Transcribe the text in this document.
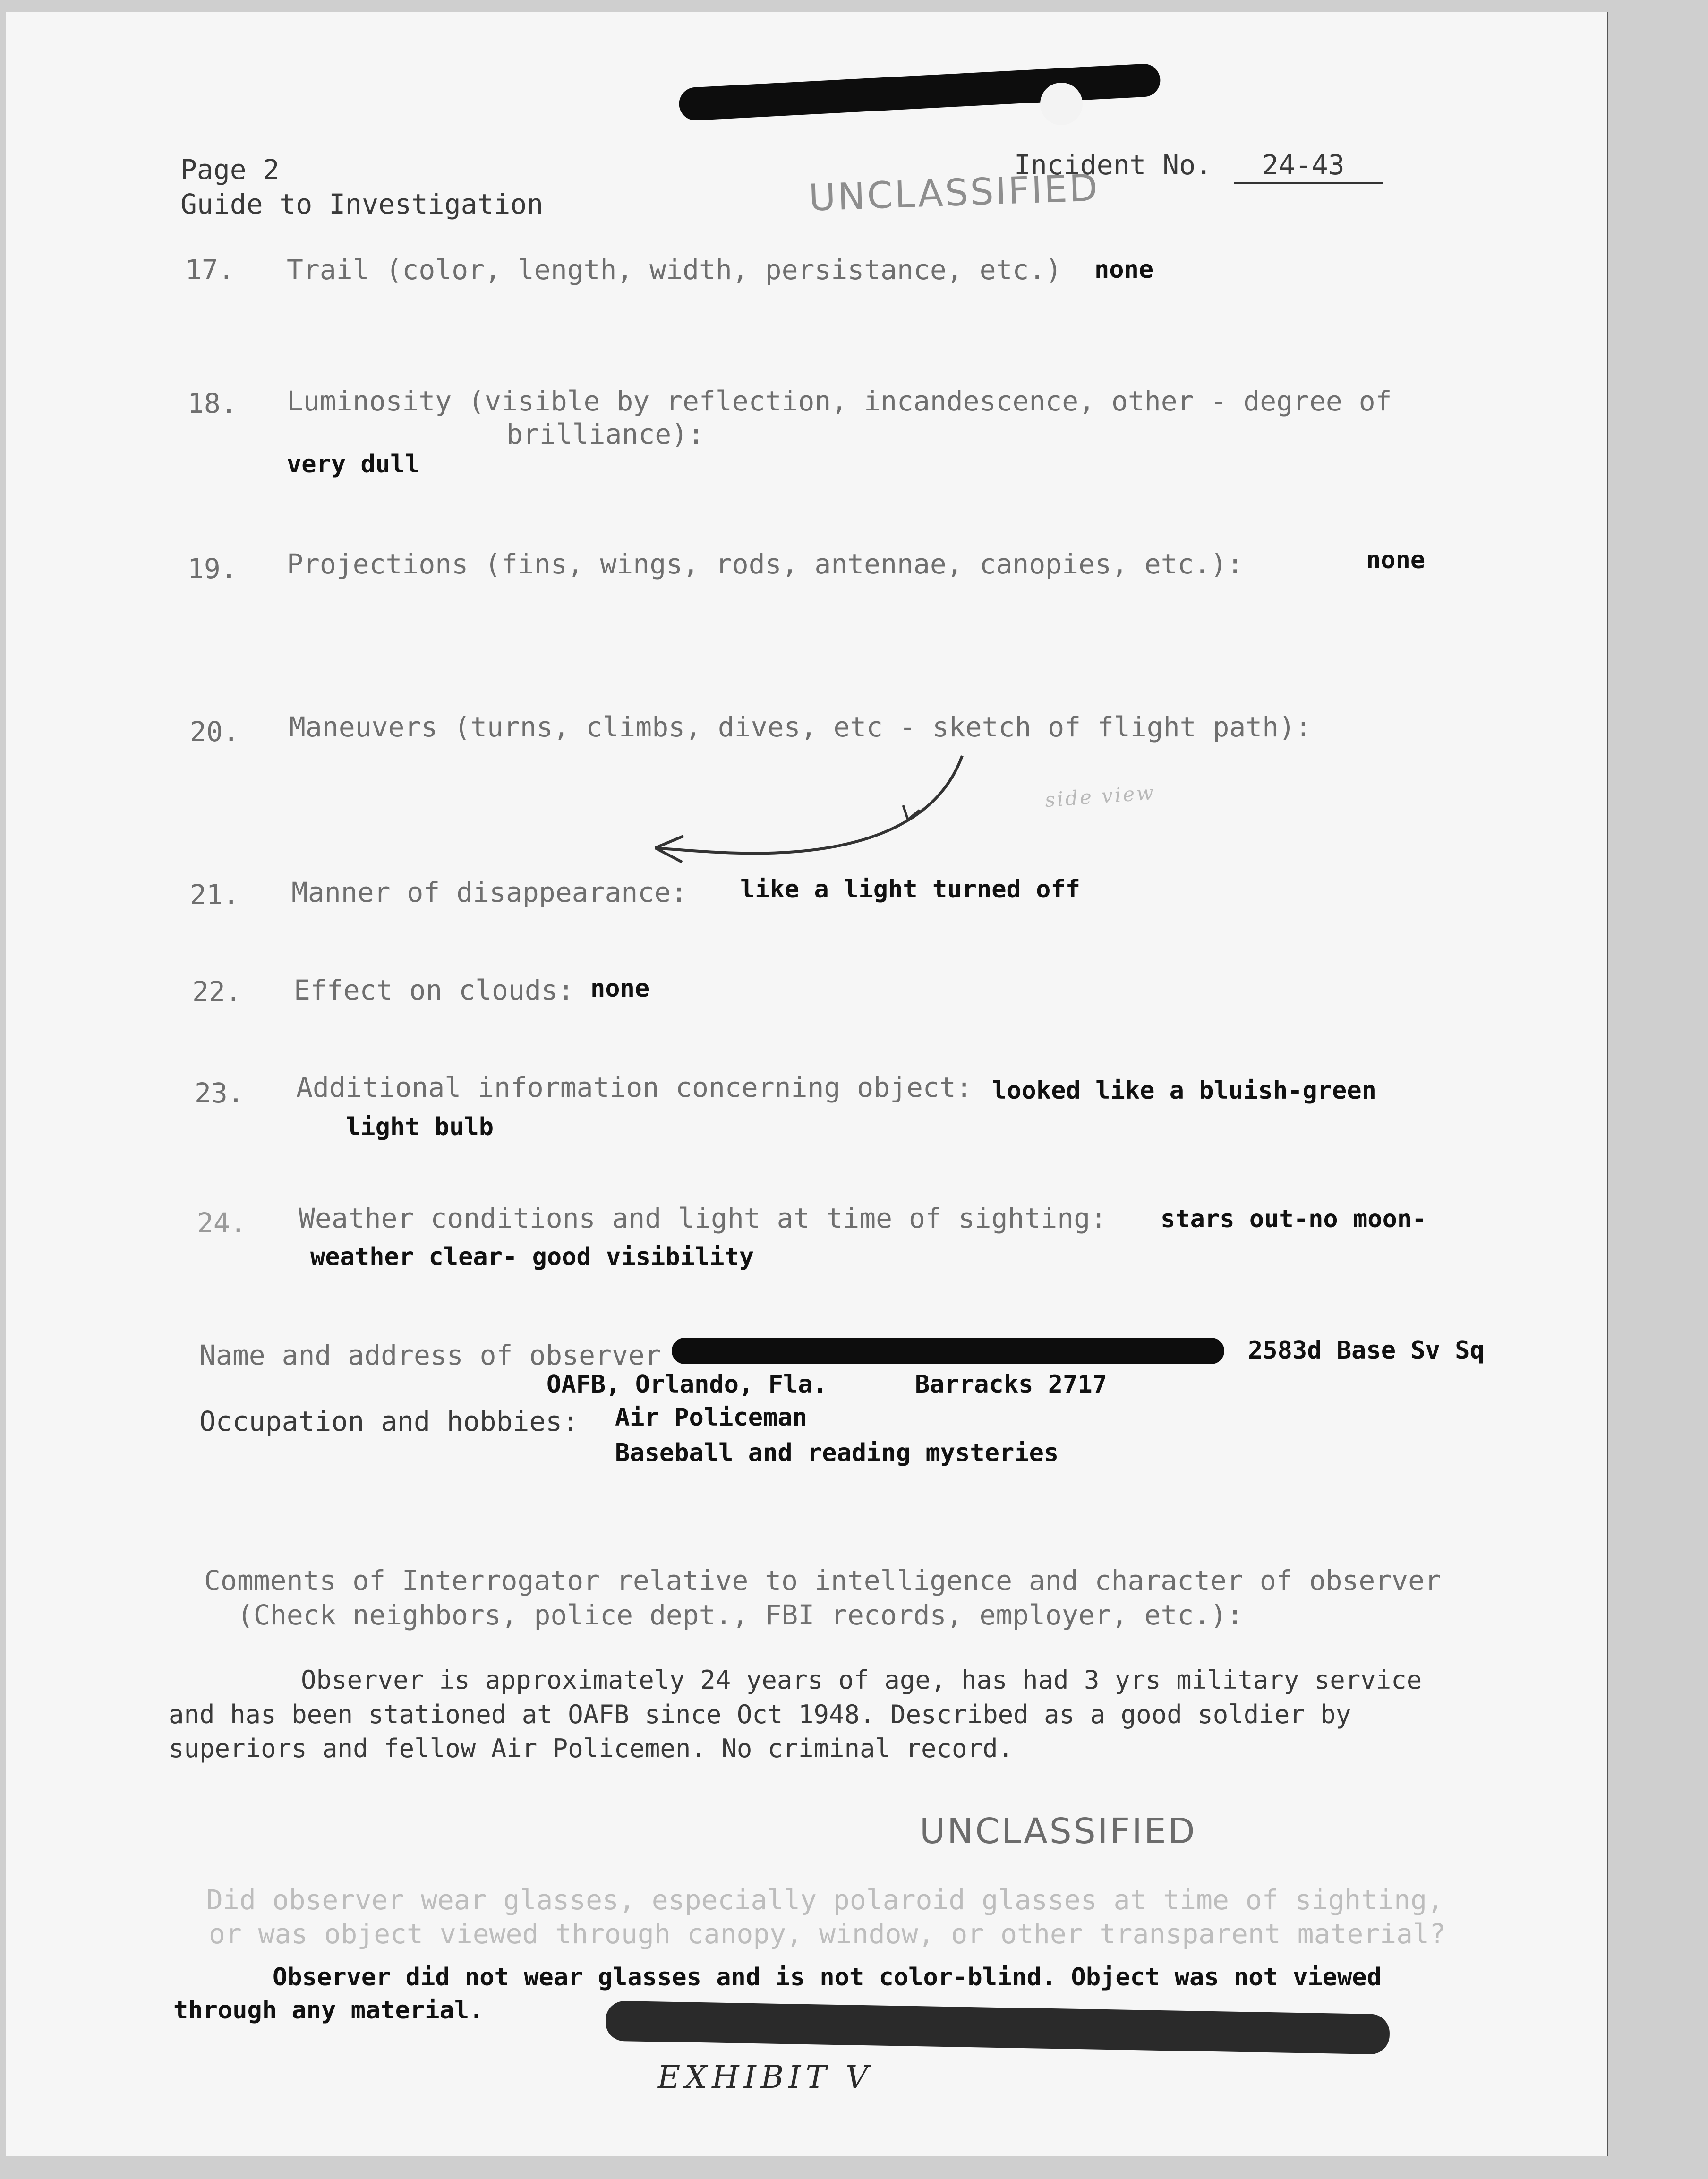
Page 2
Guide to Investigation
Incident No.	24-43
UNCLASSIFIED
17. Trail (color, length, width, persistance, etc.) none
18. Luminosity (visible by reflection, incandescence, other - degree of
brilliance):
very dull
19. Projections (fins, wings, rods, antennae, canopies, etc.):	none
20. Maneuvers (turns, climbs, dives, etc - sketch of flight path):
side view
21. Manner of disappearance: like a light turned off
22. Effect on clouds: none
23. Additional information concerning object: looked like a bluish-green
light bulb
24. Weather conditions and light at time of sighting: stars out-no moon-
weather clear- good visibility
Name and address of observer	2583d Base Sv Sq
OAFB, Orlando, Fla.	Barracks 2717
Occupation and hobbies: Air Policeman
Baseball and reading mysteries
Comments of Interrogator relative to intelligence and character of observer
(Check neighbors, police dept., FBI records, employer, etc.):
Observer is approximately 24 years of age, has had 3 yrs military service
and has been stationed at OAFB since Oct 1948. Described as a good soldier by
superiors and fellow Air Policemen. No criminal record.
UNCLASSIFIED
Did observer wear glasses, especially polaroid glasses at time of sighting,
or was object viewed through canopy, window, or other transparent material?
Observer did not wear glasses and is not color-blind. Object was not viewed
through any material.
EXHIBIT V
